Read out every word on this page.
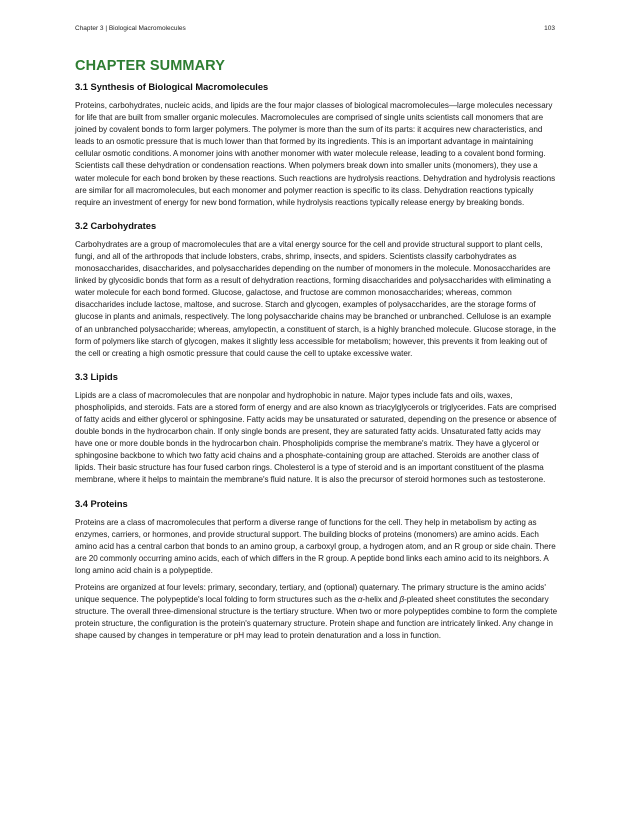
Chapter 3 | Biological Macromolecules	103
CHAPTER SUMMARY
3.1 Synthesis of Biological Macromolecules

Proteins, carbohydrates, nucleic acids, and lipids are the four major classes of biological macromolecules—large molecules necessary for life that are built from smaller organic molecules. Macromolecules are comprised of single units scientists call monomers that are joined by covalent bonds to form larger polymers. The polymer is more than the sum of its parts: it acquires new characteristics, and leads to an osmotic pressure that is much lower than that formed by its ingredients. This is an important advantage in maintaining cellular osmotic conditions. A monomer joins with another monomer with water molecule release, leading to a covalent bond forming. Scientists call these dehydration or condensation reactions. When polymers break down into smaller units (monomers), they use a water molecule for each bond broken by these reactions. Such reactions are hydrolysis reactions. Dehydration and hydrolysis reactions are similar for all macromolecules, but each monomer and polymer reaction is specific to its class. Dehydration reactions typically require an investment of energy for new bond formation, while hydrolysis reactions typically release energy by breaking bonds.

3.2 Carbohydrates

Carbohydrates are a group of macromolecules that are a vital energy source for the cell and provide structural support to plant cells, fungi, and all of the arthropods that include lobsters, crabs, shrimp, insects, and spiders. Scientists classify carbohydrates as monosaccharides, disaccharides, and polysaccharides depending on the number of monomers in the molecule. Monosaccharides are linked by glycosidic bonds that form as a result of dehydration reactions, forming disaccharides and polysaccharides with eliminating a water molecule for each bond formed. Glucose, galactose, and fructose are common monosaccharides; whereas, common disaccharides include lactose, maltose, and sucrose. Starch and glycogen, examples of polysaccharides, are the storage forms of glucose in plants and animals, respectively. The long polysaccharide chains may be branched or unbranched. Cellulose is an example of an unbranched polysaccharide; whereas, amylopectin, a constituent of starch, is a highly branched molecule. Glucose storage, in the form of polymers like starch of glycogen, makes it slightly less accessible for metabolism; however, this prevents it from leaking out of the cell or creating a high osmotic pressure that could cause the cell to uptake excessive water.

3.3 Lipids

Lipids are a class of macromolecules that are nonpolar and hydrophobic in nature. Major types include fats and oils, waxes, phospholipids, and steroids. Fats are a stored form of energy and are also known as triacylglycerols or triglycerides. Fats are comprised of fatty acids and either glycerol or sphingosine. Fatty acids may be unsaturated or saturated, depending on the presence or absence of double bonds in the hydrocarbon chain. If only single bonds are present, they are saturated fatty acids. Unsaturated fatty acids may have one or more double bonds in the hydrocarbon chain. Phospholipids comprise the membrane's matrix. They have a glycerol or sphingosine backbone to which two fatty acid chains and a phosphate-containing group are attached. Steroids are another class of lipids. Their basic structure has four fused carbon rings. Cholesterol is a type of steroid and is an important constituent of the plasma membrane, where it helps to maintain the membrane's fluid nature. It is also the precursor of steroid hormones such as testosterone.

3.4 Proteins

Proteins are a class of macromolecules that perform a diverse range of functions for the cell. They help in metabolism by acting as enzymes, carriers, or hormones, and provide structural support. The building blocks of proteins (monomers) are amino acids. Each amino acid has a central carbon that bonds to an amino group, a carboxyl group, a hydrogen atom, and an R group or side chain. There are 20 commonly occurring amino acids, each of which differs in the R group. A peptide bond links each amino acid to its neighbors. A long amino acid chain is a polypeptide.

Proteins are organized at four levels: primary, secondary, tertiary, and (optional) quaternary. The primary structure is the amino acids' unique sequence. The polypeptide's local folding to form structures such as the α-helix and β-pleated sheet constitutes the secondary structure. The overall three-dimensional structure is the tertiary structure. When two or more polypeptides combine to form the complete protein structure, the configuration is the protein's quaternary structure. Protein shape and function are intricately linked. Any change in shape caused by changes in temperature or pH may lead to protein denaturation and a loss in function.
